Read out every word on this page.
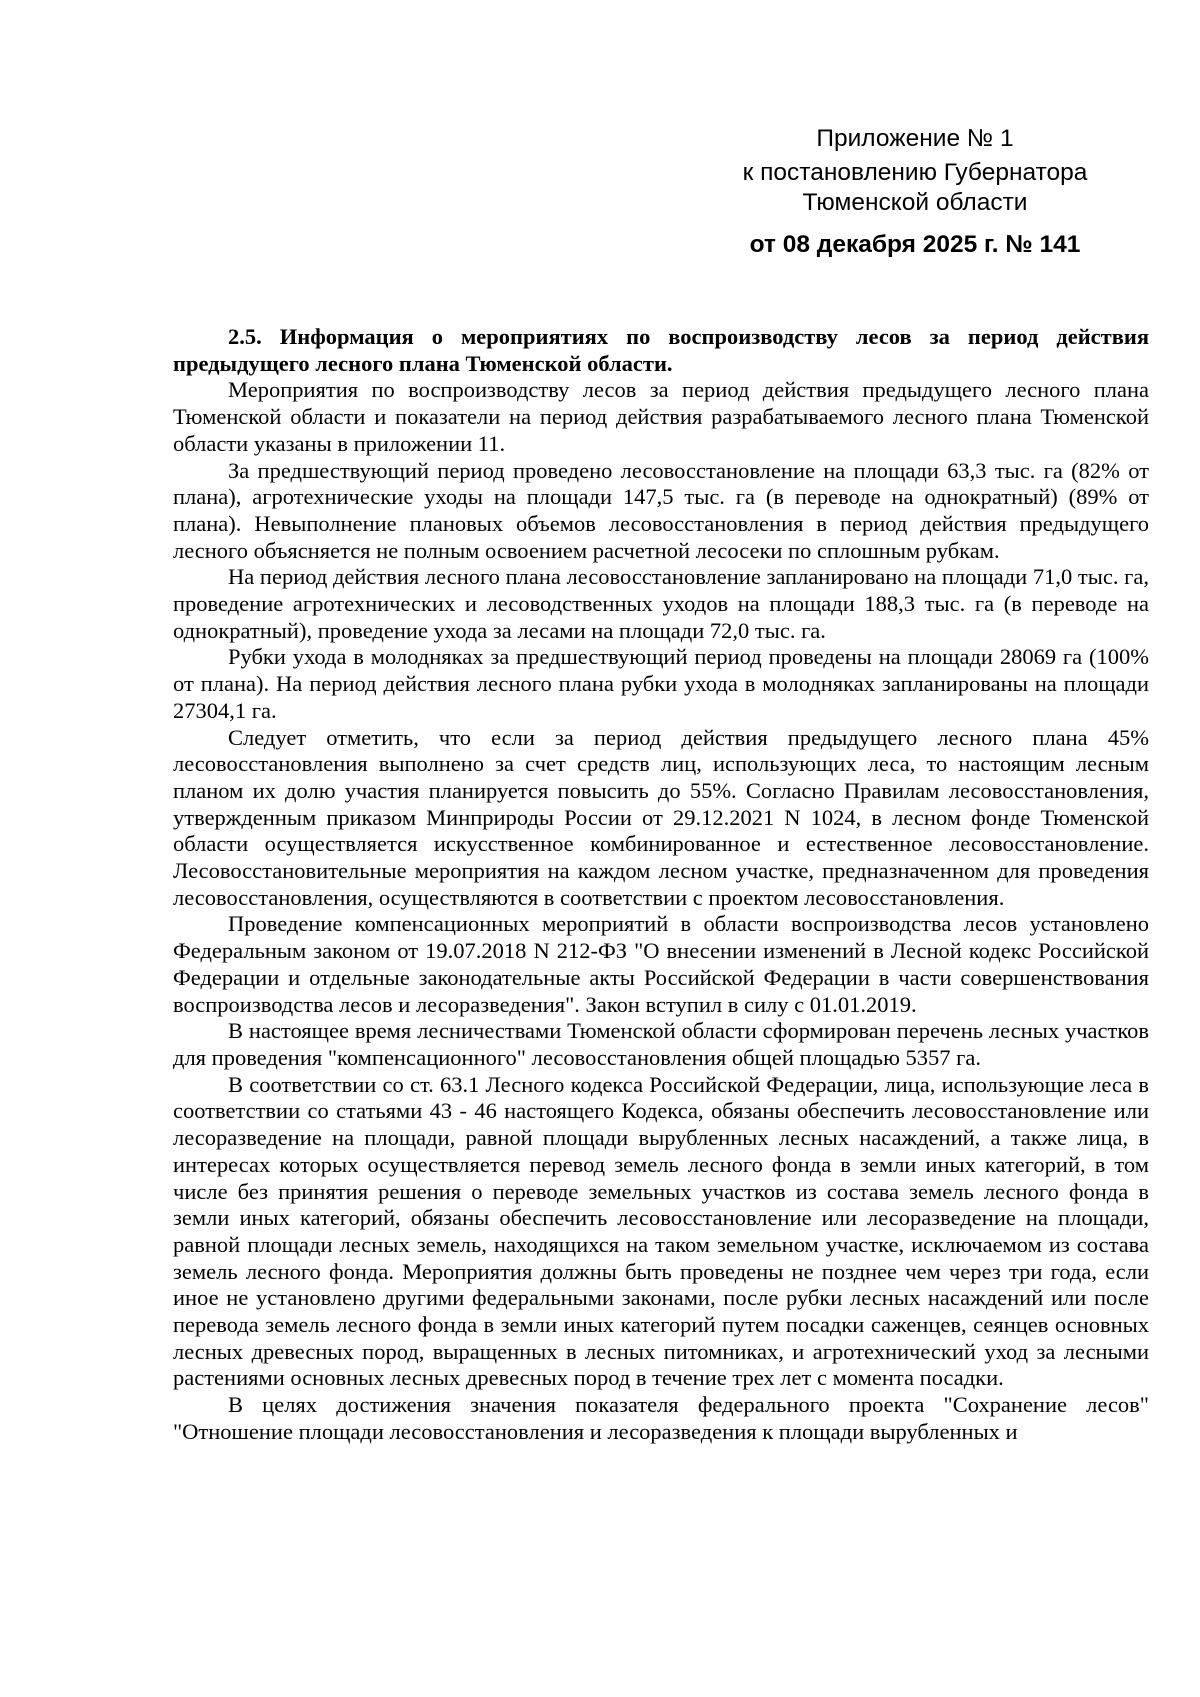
Приложение № 1
к постановлению Губернатора
Тюменской области
от 08 декабря 2025 г. № 141

2.5. Информация о мероприятиях по воспроизводству лесов за период действия предыдущего лесного плана Тюменской области.

Мероприятия по воспроизводству лесов за период действия предыдущего лесного плана Тюменской области и показатели на период действия разрабатываемого лесного плана Тюменской области указаны в приложении 11.

За предшествующий период проведено лесовосстановление на площади 63,3 тыс. га (82% от плана), агротехнические уходы на площади 147,5 тыс. га (в переводе на однократный) (89% от плана). Невыполнение плановых объемов лесовосстановления в период действия предыдущего лесного объясняется не полным освоением расчетной лесосеки по сплошным рубкам.

На период действия лесного плана лесовосстановление запланировано на площади 71,0 тыс. га, проведение агротехнических и лесоводственных уходов на площади 188,3 тыс. га (в переводе на однократный), проведение ухода за лесами на площади 72,0 тыс. га.

Рубки ухода в молодняках за предшествующий период проведены на площади 28069 га (100% от плана). На период действия лесного плана рубки ухода в молодняках запланированы на площади 27304,1 га.

Следует отметить, что если за период действия предыдущего лесного плана 45% лесовосстановления выполнено за счет средств лиц, использующих леса, то настоящим лесным планом их долю участия планируется повысить до 55%. Согласно Правилам лесовосстановления, утвержденным приказом Минприроды России от 29.12.2021 N 1024, в лесном фонде Тюменской области осуществляется искусственное комбинированное и естественное лесовосстановление. Лесовосстановительные мероприятия на каждом лесном участке, предназначенном для проведения лесовосстановления, осуществляются в соответствии с проектом лесовосстановления.

Проведение компенсационных мероприятий в области воспроизводства лесов установлено Федеральным законом от 19.07.2018 N 212-ФЗ "О внесении изменений в Лесной кодекс Российской Федерации и отдельные законодательные акты Российской Федерации в части совершенствования воспроизводства лесов и лесоразведения". Закон вступил в силу с 01.01.2019.

В настоящее время лесничествами Тюменской области сформирован перечень лесных участков для проведения "компенсационного" лесовосстановления общей площадью 5357 га.

В соответствии со ст. 63.1 Лесного кодекса Российской Федерации, лица, использующие леса в соответствии со статьями 43 - 46 настоящего Кодекса, обязаны обеспечить лесовосстановление или лесоразведение на площади, равной площади вырубленных лесных насаждений, а также лица, в интересах которых осуществляется перевод земель лесного фонда в земли иных категорий, в том числе без принятия решения о переводе земельных участков из состава земель лесного фонда в земли иных категорий, обязаны обеспечить лесовосстановление или лесоразведение на площади, равной площади лесных земель, находящихся на таком земельном участке, исключаемом из состава земель лесного фонда. Мероприятия должны быть проведены не позднее чем через три года, если иное не установлено другими федеральными законами, после рубки лесных насаждений или после перевода земель лесного фонда в земли иных категорий путем посадки саженцев, сеянцев основных лесных древесных пород, выращенных в лесных питомниках, и агротехнический уход за лесными растениями основных лесных древесных пород в течение трех лет с момента посадки.

В целях достижения значения показателя федерального проекта "Сохранение лесов" "Отношение площади лесовосстановления и лесоразведения к площади вырубленных и
